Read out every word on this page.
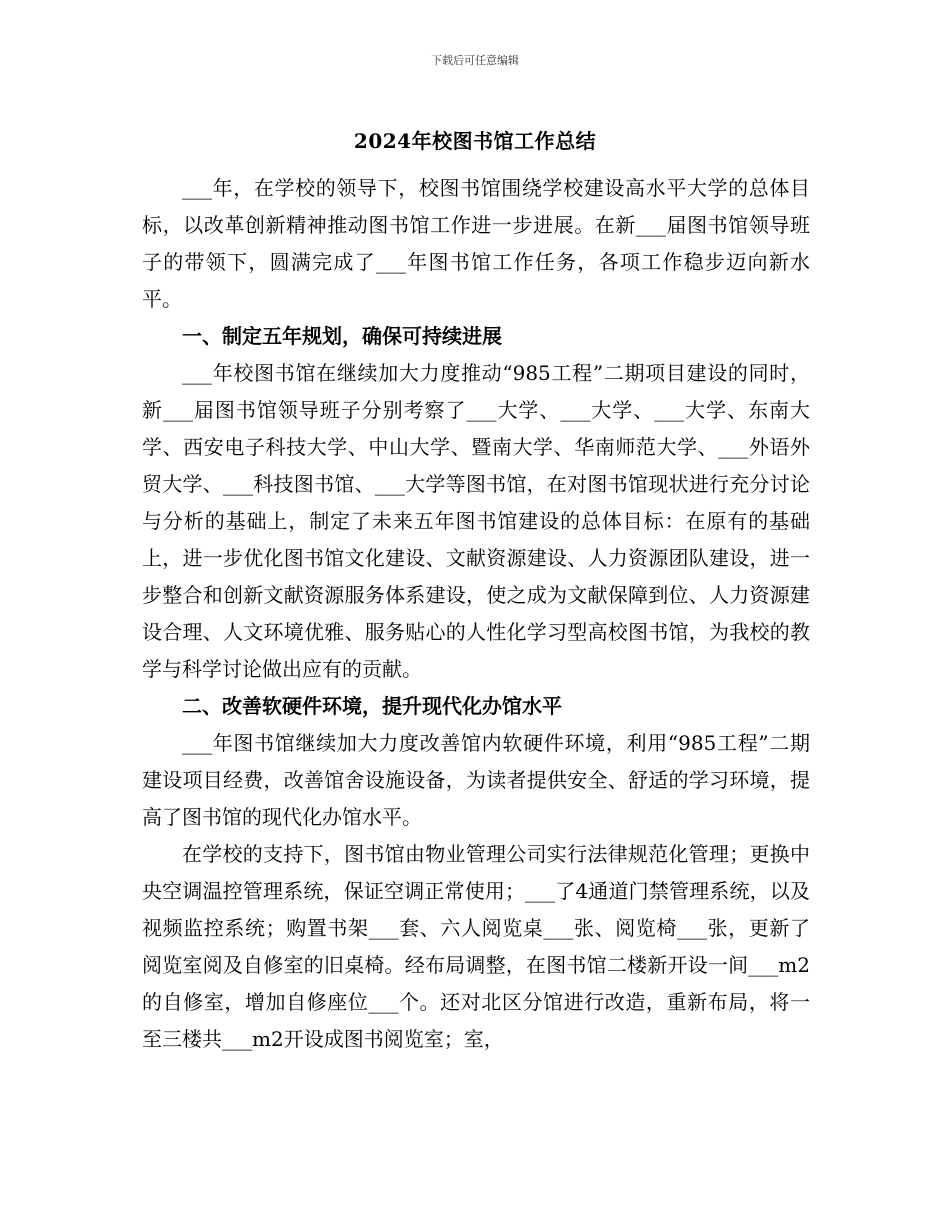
下载后可任意编辑
2024年校图书馆工作总结

___年，在学校的领导下，校图书馆围绕学校建设高水平大学的总体目标，以改革创新精神推动图书馆工作进一步进展。在新___届图书馆领导班子的带领下，圆满完成了___年图书馆工作任务，各项工作稳步迈向新水平。

一、制定五年规划，确保可持续进展

___年校图书馆在继续加大力度推动“985工程”二期项目建设的同时，新___届图书馆领导班子分别考察了___大学、___大学、___大学、东南大学、西安电子科技大学、中山大学、暨南大学、华南师范大学、___外语外贸大学、___科技图书馆、___大学等图书馆，在对图书馆现状进行充分讨论与分析的基础上，制定了未来五年图书馆建设的总体目标：在原有的基础上，进一步优化图书馆文化建设、文献资源建设、人力资源团队建设，进一步整合和创新文献资源服务体系建设，使之成为文献保障到位、人力资源建设合理、人文环境优雅、服务贴心的人性化学习型高校图书馆，为我校的教学与科学讨论做出应有的贡献。

二、改善软硬件环境，提升现代化办馆水平

___年图书馆继续加大力度改善馆内软硬件环境，利用“985工程”二期建设项目经费，改善馆舍设施设备，为读者提供安全、舒适的学习环境，提高了图书馆的现代化办馆水平。

在学校的支持下，图书馆由物业管理公司实行法律规范化管理；更换中央空调温控管理系统，保证空调正常使用；___了4通道门禁管理系统，以及视频监控系统；购置书架___套、六人阅览桌___张、阅览椅___张，更新了阅览室阅及自修室的旧桌椅。经布局调整，在图书馆二楼新开设一间___m2的自修室，增加自修座位___个。还对北区分馆进行改造，重新布局，将一至三楼共___m2开设成图书阅览室；室，
